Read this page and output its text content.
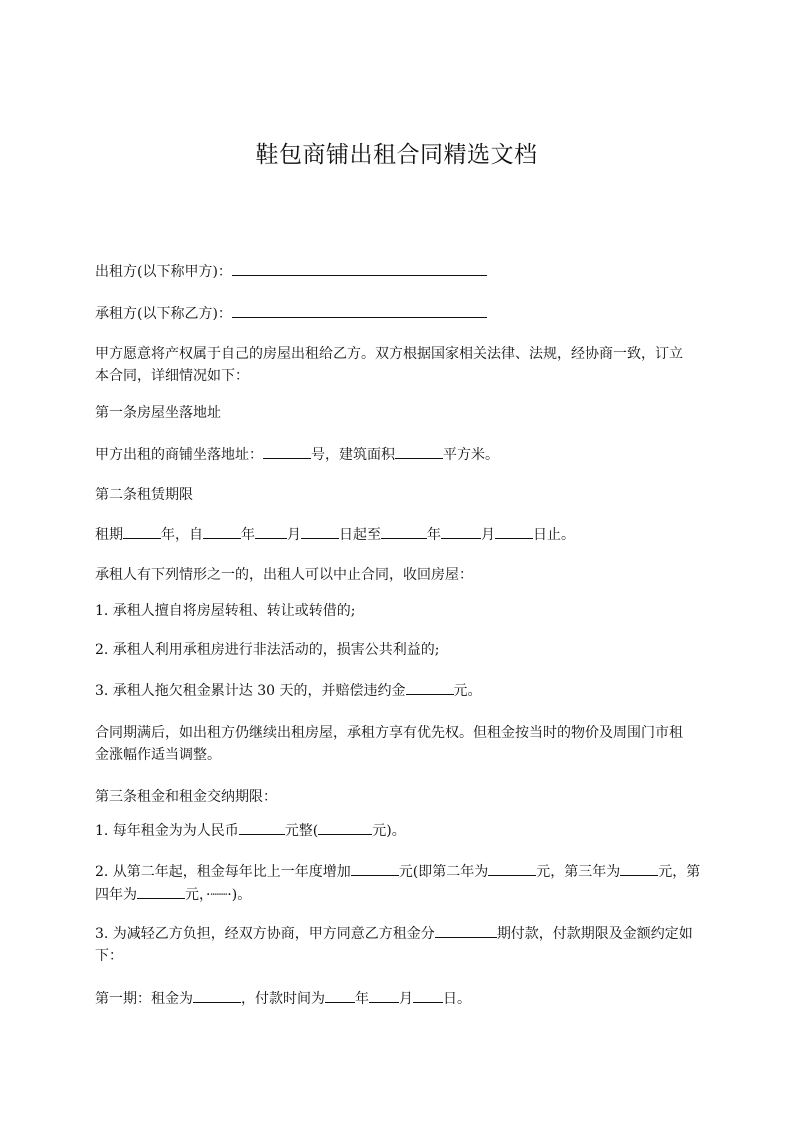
鞋包商铺出租合同精选文档
出租方(以下称甲方)：
承租方(以下称乙方)：
甲方愿意将产权属于自己的房屋出租给乙方。双方根据国家相关法律、法规，经协商一致，订立本合同，详细情况如下：
第一条房屋坐落地址
甲方出租的商铺坐落地址：	号，建筑面积	平方米。
第二条租赁期限
租期	年，自	年 月	日起至	年	月	日止。
承租人有下列情形之一的，出租人可以中止合同，收回房屋：
1. 承租人擅自将房屋转租、转让或转借的;
2. 承租人利用承租房进行非法活动的，损害公共利益的;
3. 承租人拖欠租金累计达 30 天的，并赔偿违约金	元。
合同期满后，如出租方仍继续出租房屋，承租方享有优先权。但租金按当时的物价及周围门市租金涨幅作适当调整。
第三条租金和租金交纳期限：
1. 每年租金为为人民币	元整(	元)。
2. 从第二年起，租金每年比上一年度增加	元(即第二年为	元，第三年为	元，第四年为	元，·┈┈·)。
3. 为减轻乙方负担，经双方协商，甲方同意乙方租金分	期付款，付款期限及金额约定如下：
第一期：租金为	，付款时间为 年 月 日。
